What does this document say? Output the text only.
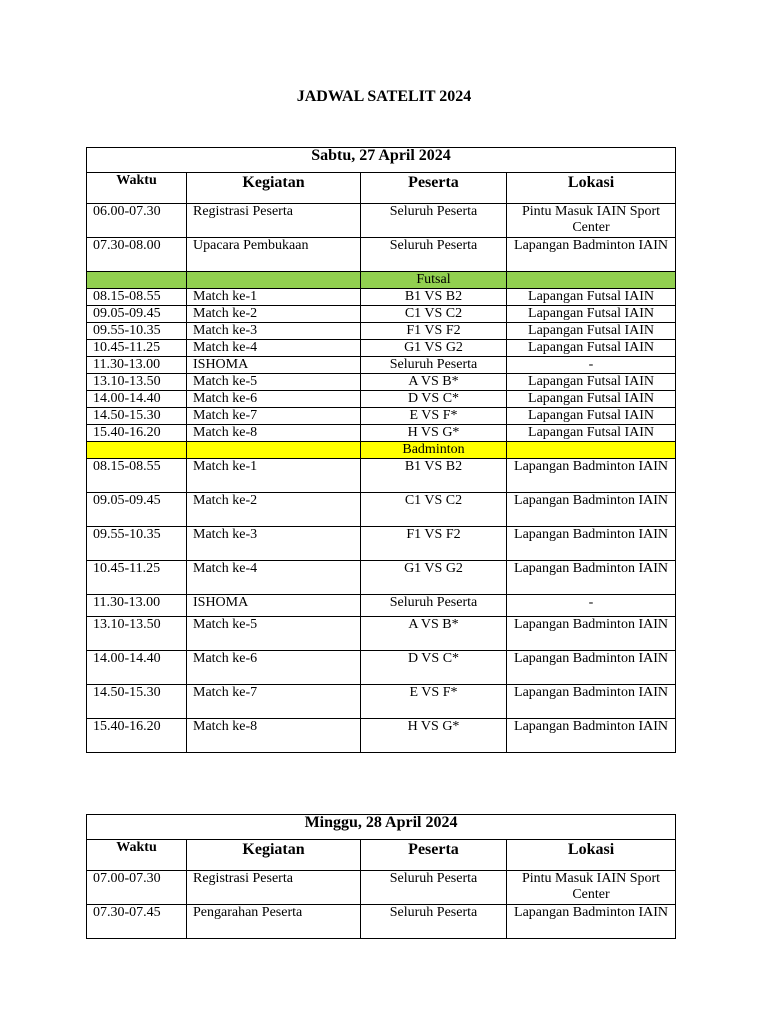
JADWAL SATELIT 2024
Sabtu, 27 April 2024			
Waktu	Kegiatan	Peserta	Lokasi
06.00-07.30	Registrasi Peserta	Seluruh Peserta	Pintu Masuk IAIN Sport Center
07.30-08.00	Upacara Pembukaan	Seluruh Peserta	Lapangan Badminton IAIN
		Futsal	
08.15-08.55	Match ke-1	B1 VS B2	Lapangan Futsal IAIN
09.05-09.45	Match ke-2	C1 VS C2	Lapangan Futsal IAIN
09.55-10.35	Match ke-3	F1 VS F2	Lapangan Futsal IAIN
10.45-11.25	Match ke-4	G1 VS G2	Lapangan Futsal IAIN
11.30-13.00	ISHOMA	Seluruh Peserta	-
13.10-13.50	Match ke-5	A VS B*	Lapangan Futsal IAIN
14.00-14.40	Match ke-6	D VS C*	Lapangan Futsal IAIN
14.50-15.30	Match ke-7	E VS F*	Lapangan Futsal IAIN
15.40-16.20	Match ke-8	H VS G*	Lapangan Futsal IAIN
		Badminton	
08.15-08.55	Match ke-1	B1 VS B2	Lapangan Badminton IAIN
09.05-09.45	Match ke-2	C1 VS C2	Lapangan Badminton IAIN
09.55-10.35	Match ke-3	F1 VS F2	Lapangan Badminton IAIN
10.45-11.25	Match ke-4	G1 VS G2	Lapangan Badminton IAIN
11.30-13.00	ISHOMA	Seluruh Peserta	-
13.10-13.50	Match ke-5	A VS B*	Lapangan Badminton IAIN
14.00-14.40	Match ke-6	D VS C*	Lapangan Badminton IAIN
14.50-15.30	Match ke-7	E VS F*	Lapangan Badminton IAIN
15.40-16.20	Match ke-8	H VS G*	Lapangan Badminton IAIN
Minggu, 28 April 2024			
Waktu	Kegiatan	Peserta	Lokasi
07.00-07.30	Registrasi Peserta	Seluruh Peserta	Pintu Masuk IAIN Sport Center
07.30-07.45	Pengarahan Peserta	Seluruh Peserta	Lapangan Badminton IAIN
